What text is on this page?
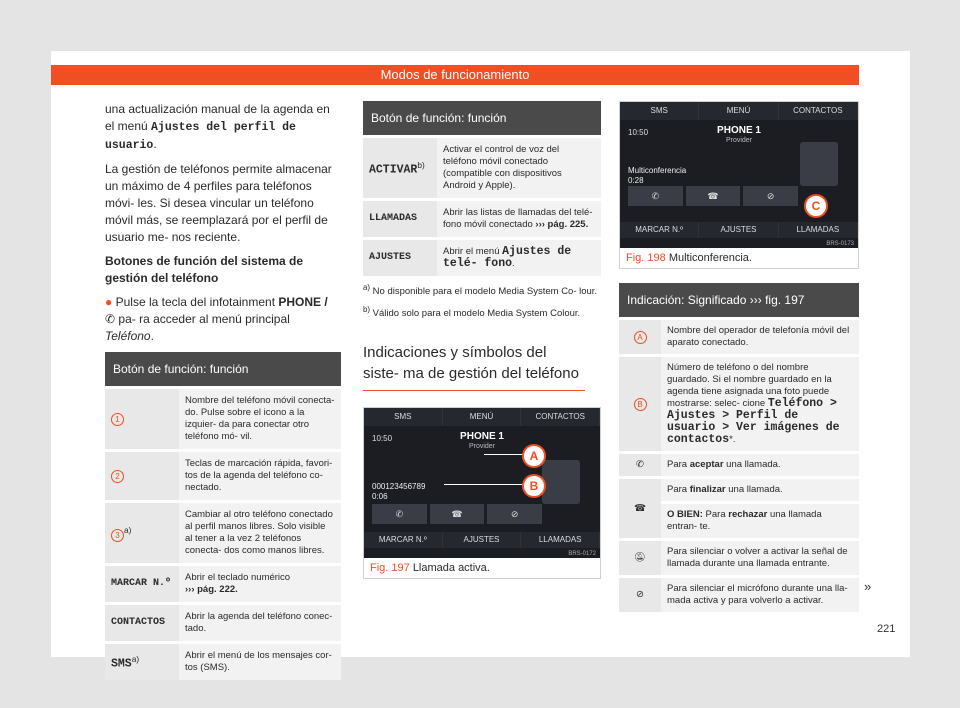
Modos de funcionamiento

una actualización manual de la agenda en el menú Ajustes del perfil de usuario.

La gestión de teléfonos permite almacenar un máximo de 4 perfiles para teléfonos móvi- les. Si desea vincular un teléfono móvil más, se reemplazará por el perfil de usuario me- nos reciente.

Botones de función del sistema de gestión del teléfono

● Pulse la tecla del infotainment PHONE / ✆ pa- ra acceder al menú principal Teléfono.

Botón de función: función	
1	Nombre del teléfono móvil conecta- do. Pulse sobre el icono a la izquier- da para conectar otro teléfono mó- vil.
2	Teclas de marcación rápida, favori- tos de la agenda del teléfono co- nectado.
3 $^{a)}$	Cambiar al otro teléfono conectado al perfil manos libres. Solo visible al tener a la vez 2 teléfonos conecta- dos como manos libres.
MARCAR N.º	Abrir el teclado numérico
››› pág. 222.
CONTACTOS	Abrir la agenda del teléfono conec- tado.
SMS$^{a)}$	Abrir el menú de los mensajes cor- tos (SMS).
Botón de función: función	
ACTIVAR$^{b)}$	Activar el control de voz del teléfono móvil conectado (compatible con dispositivos Android y Apple).
LLAMADAS	Abrir las listas de llamadas del telé- fono móvil conectado ››› pág. 225.
AJUSTES	Abrir el menú Ajustes de telé- fono.

$^{a)}$ No disponible para el modelo Media System Co- lour.

$^{b)}$ Válido solo para el modelo Media System Colour.

Indicaciones y símbolos del siste- ma de gestión del teléfono
SMS	MENÚ	CONTACTOS
10:50	PHONE 1
Provider
000123456789
0:06
✆	☎	⊘
A
B
MARCAR N.º	AJUSTES	LLAMADAS
BRS-0172
Fig. 197 Llamada activa.
SMS	MENÚ	CONTACTOS
10:50	PHONE 1
Provider
Multiconferencia
0:28
✆	☎	⊘
C
MARCAR N.º	AJUSTES	LLAMADAS
BRS-0173
Fig. 198 Multiconferencia.
Indicación: Significado ››› fig. 197	
A	Nombre del operador de telefonía móvil del aparato conectado.
B	Número de teléfono o del nombre guardado. Si el nombre guardado en la agenda tiene asignada una foto puede mostrarse: selec- cione Teléfono > Ajustes > Perfil de usuario > Ver imágenes de contactos*.
✆	Para aceptar una llamada.
☎	Para finalizar una llamada.
	O BIEN: Para rechazar una llamada entran- te.
🔕︎	Para silenciar o volver a activar la señal de llamada durante una llamada entrante.
⊘	Para silenciar el micrófono durante una lla- mada activa y para volverlo a activar.
»
221
